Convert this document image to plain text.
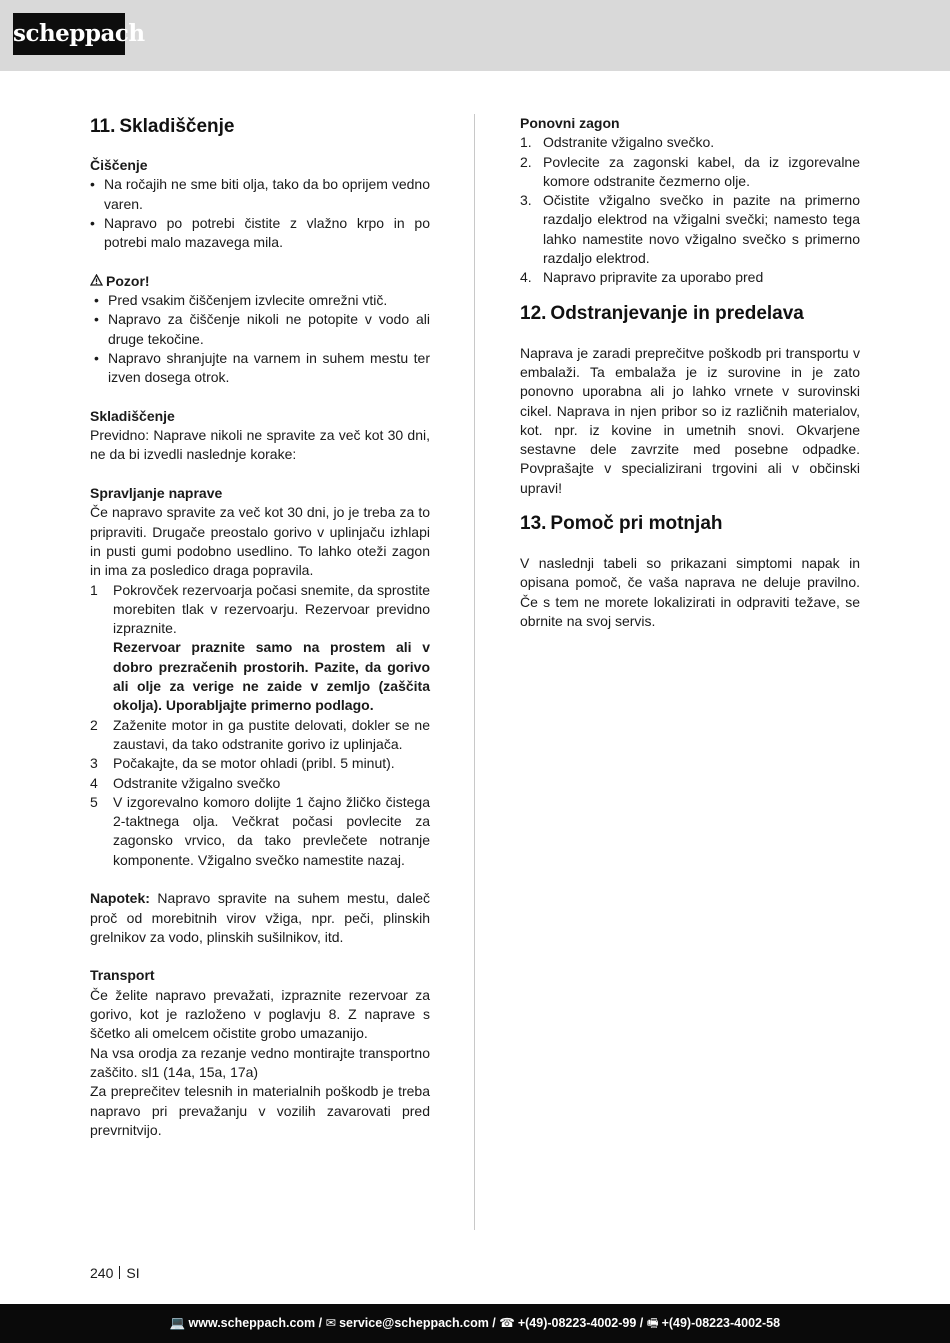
scheppach
11. Skladiščenje
Čiščenje
• Na ročajih ne sme biti olja, tako da bo oprijem vedno varen.
• Napravo po potrebi čistite z vlažno krpo in po potrebi malo mazavega mila.
Pozor!
• Pred vsakim čiščenjem izvlecite omrežni vtič.
• Napravo za čiščenje nikoli ne potopite v vodo ali druge tekočine.
• Napravo shranjujte na varnem in suhem mestu ter izven dosega otrok.
Skladiščenje

Previdno: Naprave nikoli ne spravite za več kot 30 dni, ne da bi izvedli naslednje korake:

Spravljanje naprave

Če napravo spravite za več kot 30 dni, jo je treba za to pripraviti. Drugače preostalo gorivo v uplinjaču izhlapi in pusti gumi podobno usedlino. To lahko oteži zagon in ima za posledico draga popravila.

1 Pokrovček rezervoarja počasi snemite, da sprostite morebiten tlak v rezervoarju. Rezervoar previdno izpraznite.
Rezervoar praznite samo na prostem ali v dobro prezračenih prostorih. Pazite, da gorivo ali olje za verige ne zaide v zemljo (zaščita okolja). Uporabljajte primerno podlago.
2 Zaženite motor in ga pustite delovati, dokler se ne zaustavi, da tako odstranite gorivo iz uplinjača.
3 Počakajte, da se motor ohladi (pribl. 5 minut).
4 Odstranite vžigalno svečko
5 V izgorevalno komoro dolijte 1 čajno žličko čistega 2-taktnega olja. Večkrat počasi povlecite za zagonsko vrvico, da tako prevlečete notranje komponente. Vžigalno svečko namestite nazaj.

Napotek: Napravo spravite na suhem mestu, daleč proč od morebitnih virov vžiga, npr. peči, plinskih grelnikov za vodo, plinskih sušilnikov, itd.

Transport

Če želite napravo prevažati, izpraznite rezervoar za gorivo, kot je razloženo v poglavju 8. Z naprave s ščetko ali omelcem očistite grobo umazanijo.

Na vsa orodja za rezanje vedno montirajte transportno zaščito. sl1 (14a, 15a, 17a)

Za preprečitev telesnih in materialnih poškodb je treba napravo pri prevažanju v vozilih zavarovati pred prevrnitvijo.

Ponovni zagon
1. Odstranite vžigalno svečko.
2. Povlecite za zagonski kabel, da iz izgorevalne komore odstranite čezmerno olje.
3. Očistite vžigalno svečko in pazite na primerno razdaljo elektrod na vžigalni svečki; namesto tega lahko namestite novo vžigalno svečko s primerno razdaljo elektrod.
4. Napravo pripravite za uporabo pred
12. Odstranjevanje in predelava

Naprava je zaradi preprečitve poškodb pri transportu v embalaži. Ta embalaža je iz surovine in je zato ponovno uporabna ali jo lahko vrnete v surovinski cikel. Naprava in njen pribor so iz različnih materialov, kot. npr. iz kovine in umetnih snovi. Okvarjene sestavne dele zavrzite med posebne odpadke. Povprašajte v specializirani trgovini ali v občinski upravi!

13. Pomoč pri motnjah

V naslednji tabeli so prikazani simptomi napak in opisana pomoč, če vaša naprava ne deluje pravilno. Če s tem ne morete lokalizirati in odpraviti težave, se obrnite na svoj servis.

240 SI
💻 www.scheppach.com / ✉ service@scheppach.com / ☎ +(49)-08223-4002-99 / 🖷 +(49)-08223-4002-58
